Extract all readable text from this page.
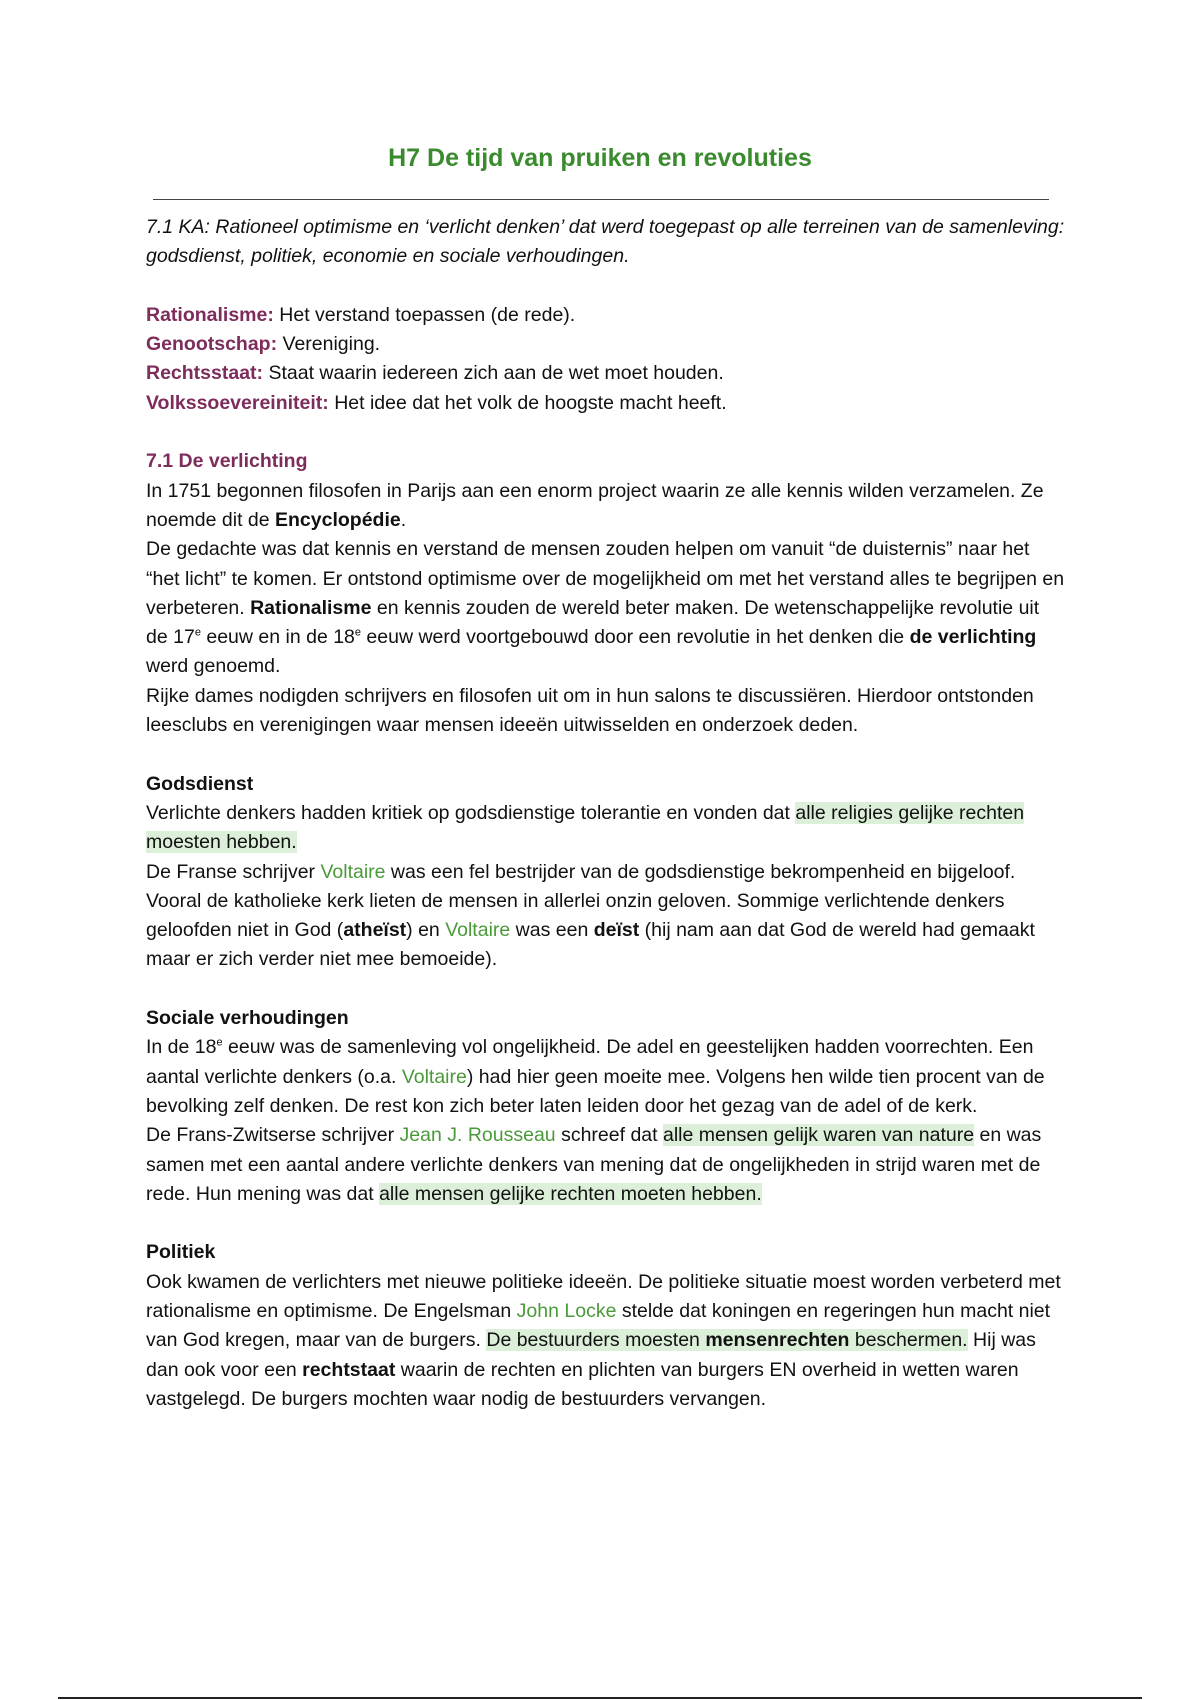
H7 De tijd van pruiken en revoluties

7.1 KA: Rationeel optimisme en ‘verlicht denken’ dat werd toegepast op alle terreinen van de samenleving: godsdienst, politiek, economie en sociale verhoudingen.

Rationalisme: Het verstand toepassen (de rede).

Genootschap: Vereniging.

Rechtsstaat: Staat waarin iedereen zich aan de wet moet houden.

Volkssoevereiniteit: Het idee dat het volk de hoogste macht heeft.

7.1 De verlichting

In 1751 begonnen filosofen in Parijs aan een enorm project waarin ze alle kennis wilden verzamelen. Ze noemde dit de Encyclopédie.

De gedachte was dat kennis en verstand de mensen zouden helpen om vanuit “de duisternis” naar het “het licht” te komen. Er ontstond optimisme over de mogelijkheid om met het verstand alles te begrijpen en verbeteren. Rationalisme en kennis zouden de wereld beter maken. De wetenschappelijke revolutie uit de 17e eeuw en in de 18e eeuw werd voortgebouwd door een revolutie in het denken die de verlichting werd genoemd.

Rijke dames nodigden schrijvers en filosofen uit om in hun salons te discussiëren. Hierdoor ontstonden leesclubs en verenigingen waar mensen ideeën uitwisselden en onderzoek deden.

Godsdienst

Verlichte denkers hadden kritiek op godsdienstige tolerantie en vonden dat alle religies gelijke rechten moesten hebben.

De Franse schrijver Voltaire was een fel bestrijder van de godsdienstige bekrompenheid en bijgeloof. Vooral de katholieke kerk lieten de mensen in allerlei onzin geloven. Sommige verlichtende denkers geloofden niet in God (atheïst) en Voltaire was een deïst (hij nam aan dat God de wereld had gemaakt maar er zich verder niet mee bemoeide).

Sociale verhoudingen

In de 18e eeuw was de samenleving vol ongelijkheid. De adel en geestelijken hadden voorrechten. Een aantal verlichte denkers (o.a. Voltaire) had hier geen moeite mee. Volgens hen wilde tien procent van de bevolking zelf denken. De rest kon zich beter laten leiden door het gezag van de adel of de kerk.

De Frans-Zwitserse schrijver Jean J. Rousseau schreef dat alle mensen gelijk waren van nature en was samen met een aantal andere verlichte denkers van mening dat de ongelijkheden in strijd waren met de rede. Hun mening was dat alle mensen gelijke rechten moeten hebben.

Politiek

Ook kwamen de verlichters met nieuwe politieke ideeën. De politieke situatie moest worden verbeterd met rationalisme en optimisme. De Engelsman John Locke stelde dat koningen en regeringen hun macht niet van God kregen, maar van de burgers. De bestuurders moesten mensenrechten beschermen. Hij was dan ook voor een rechtstaat waarin de rechten en plichten van burgers EN overheid in wetten waren vastgelegd. De burgers mochten waar nodig de bestuurders vervangen.
